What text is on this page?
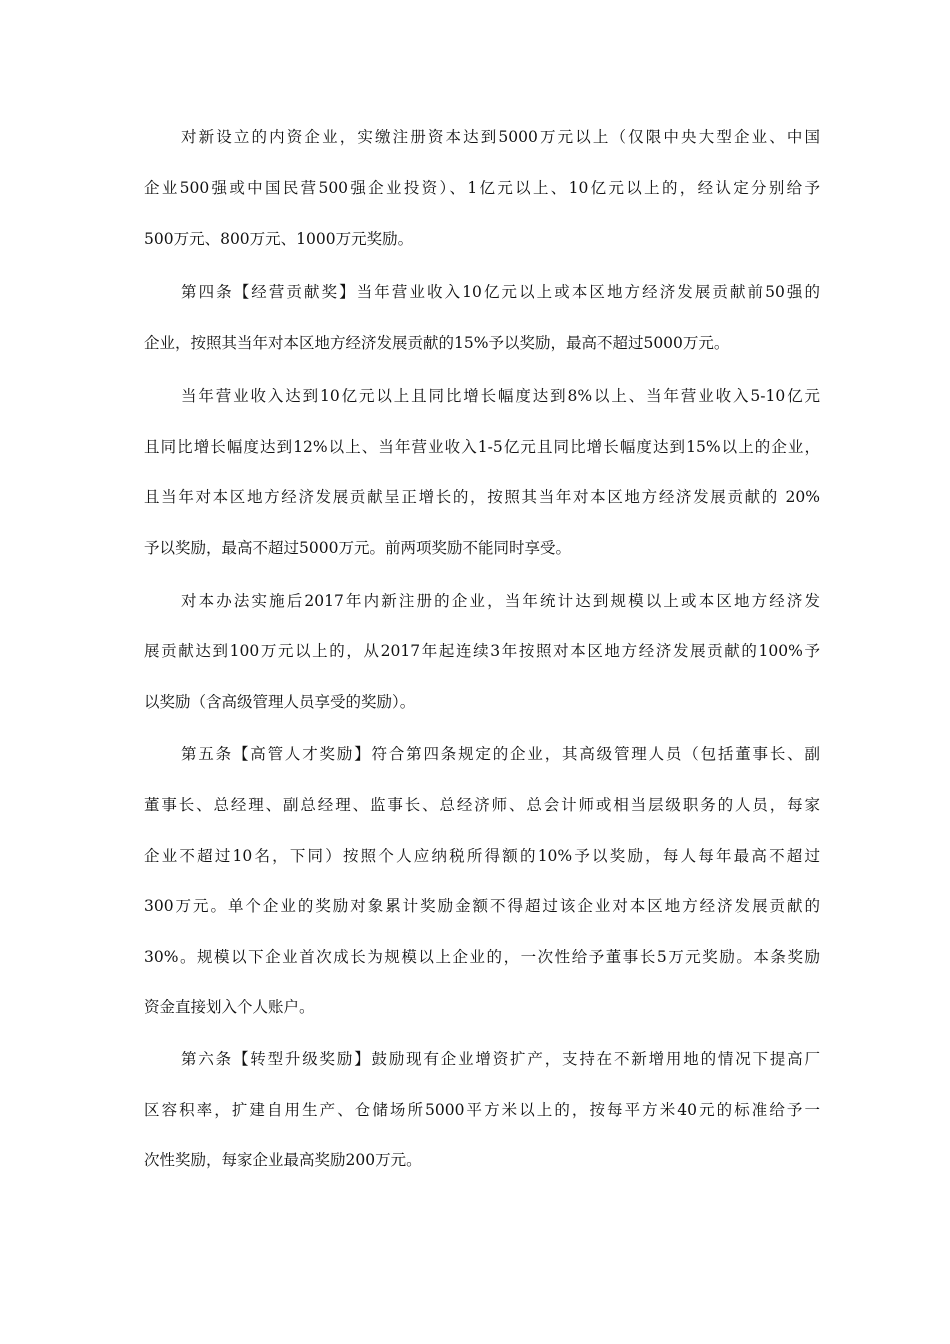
对新设立的内资企业，实缴注册资本达到5000万元以上（仅限中央大型企业、中国
企业500强或中国民营500强企业投资）、1亿元以上、10亿元以上的，经认定分别给予
500万元、800万元、1000万元奖励。
第四条【经营贡献奖】当年营业收入10亿元以上或本区地方经济发展贡献前50强的
企业，按照其当年对本区地方经济发展贡献的15%予以奖励，最高不超过5000万元。
当年营业收入达到10亿元以上且同比增长幅度达到8%以上、当年营业收入5-10亿元
且同比增长幅度达到12%以上、当年营业收入1-5亿元且同比增长幅度达到15%以上的企业，
且当年对本区地方经济发展贡献呈正增长的，按照其当年对本区地方经济发展贡献的 20%
予以奖励，最高不超过5000万元。前两项奖励不能同时享受。
对本办法实施后2017年内新注册的企业，当年统计达到规模以上或本区地方经济发
展贡献达到100万元以上的，从2017年起连续3年按照对本区地方经济发展贡献的100%予
以奖励（含高级管理人员享受的奖励）。
第五条【高管人才奖励】符合第四条规定的企业，其高级管理人员（包括董事长、副
董事长、总经理、副总经理、监事长、总经济师、总会计师或相当层级职务的人员，每家
企业不超过10名，下同）按照个人应纳税所得额的10%予以奖励，每人每年最高不超过
300万元。单个企业的奖励对象累计奖励金额不得超过该企业对本区地方经济发展贡献的
30%。规模以下企业首次成长为规模以上企业的，一次性给予董事长5万元奖励。本条奖励
资金直接划入个人账户。
第六条【转型升级奖励】鼓励现有企业增资扩产，支持在不新增用地的情况下提高厂
区容积率，扩建自用生产、仓储场所5000平方米以上的，按每平方米40元的标准给予一
次性奖励，每家企业最高奖励200万元。
